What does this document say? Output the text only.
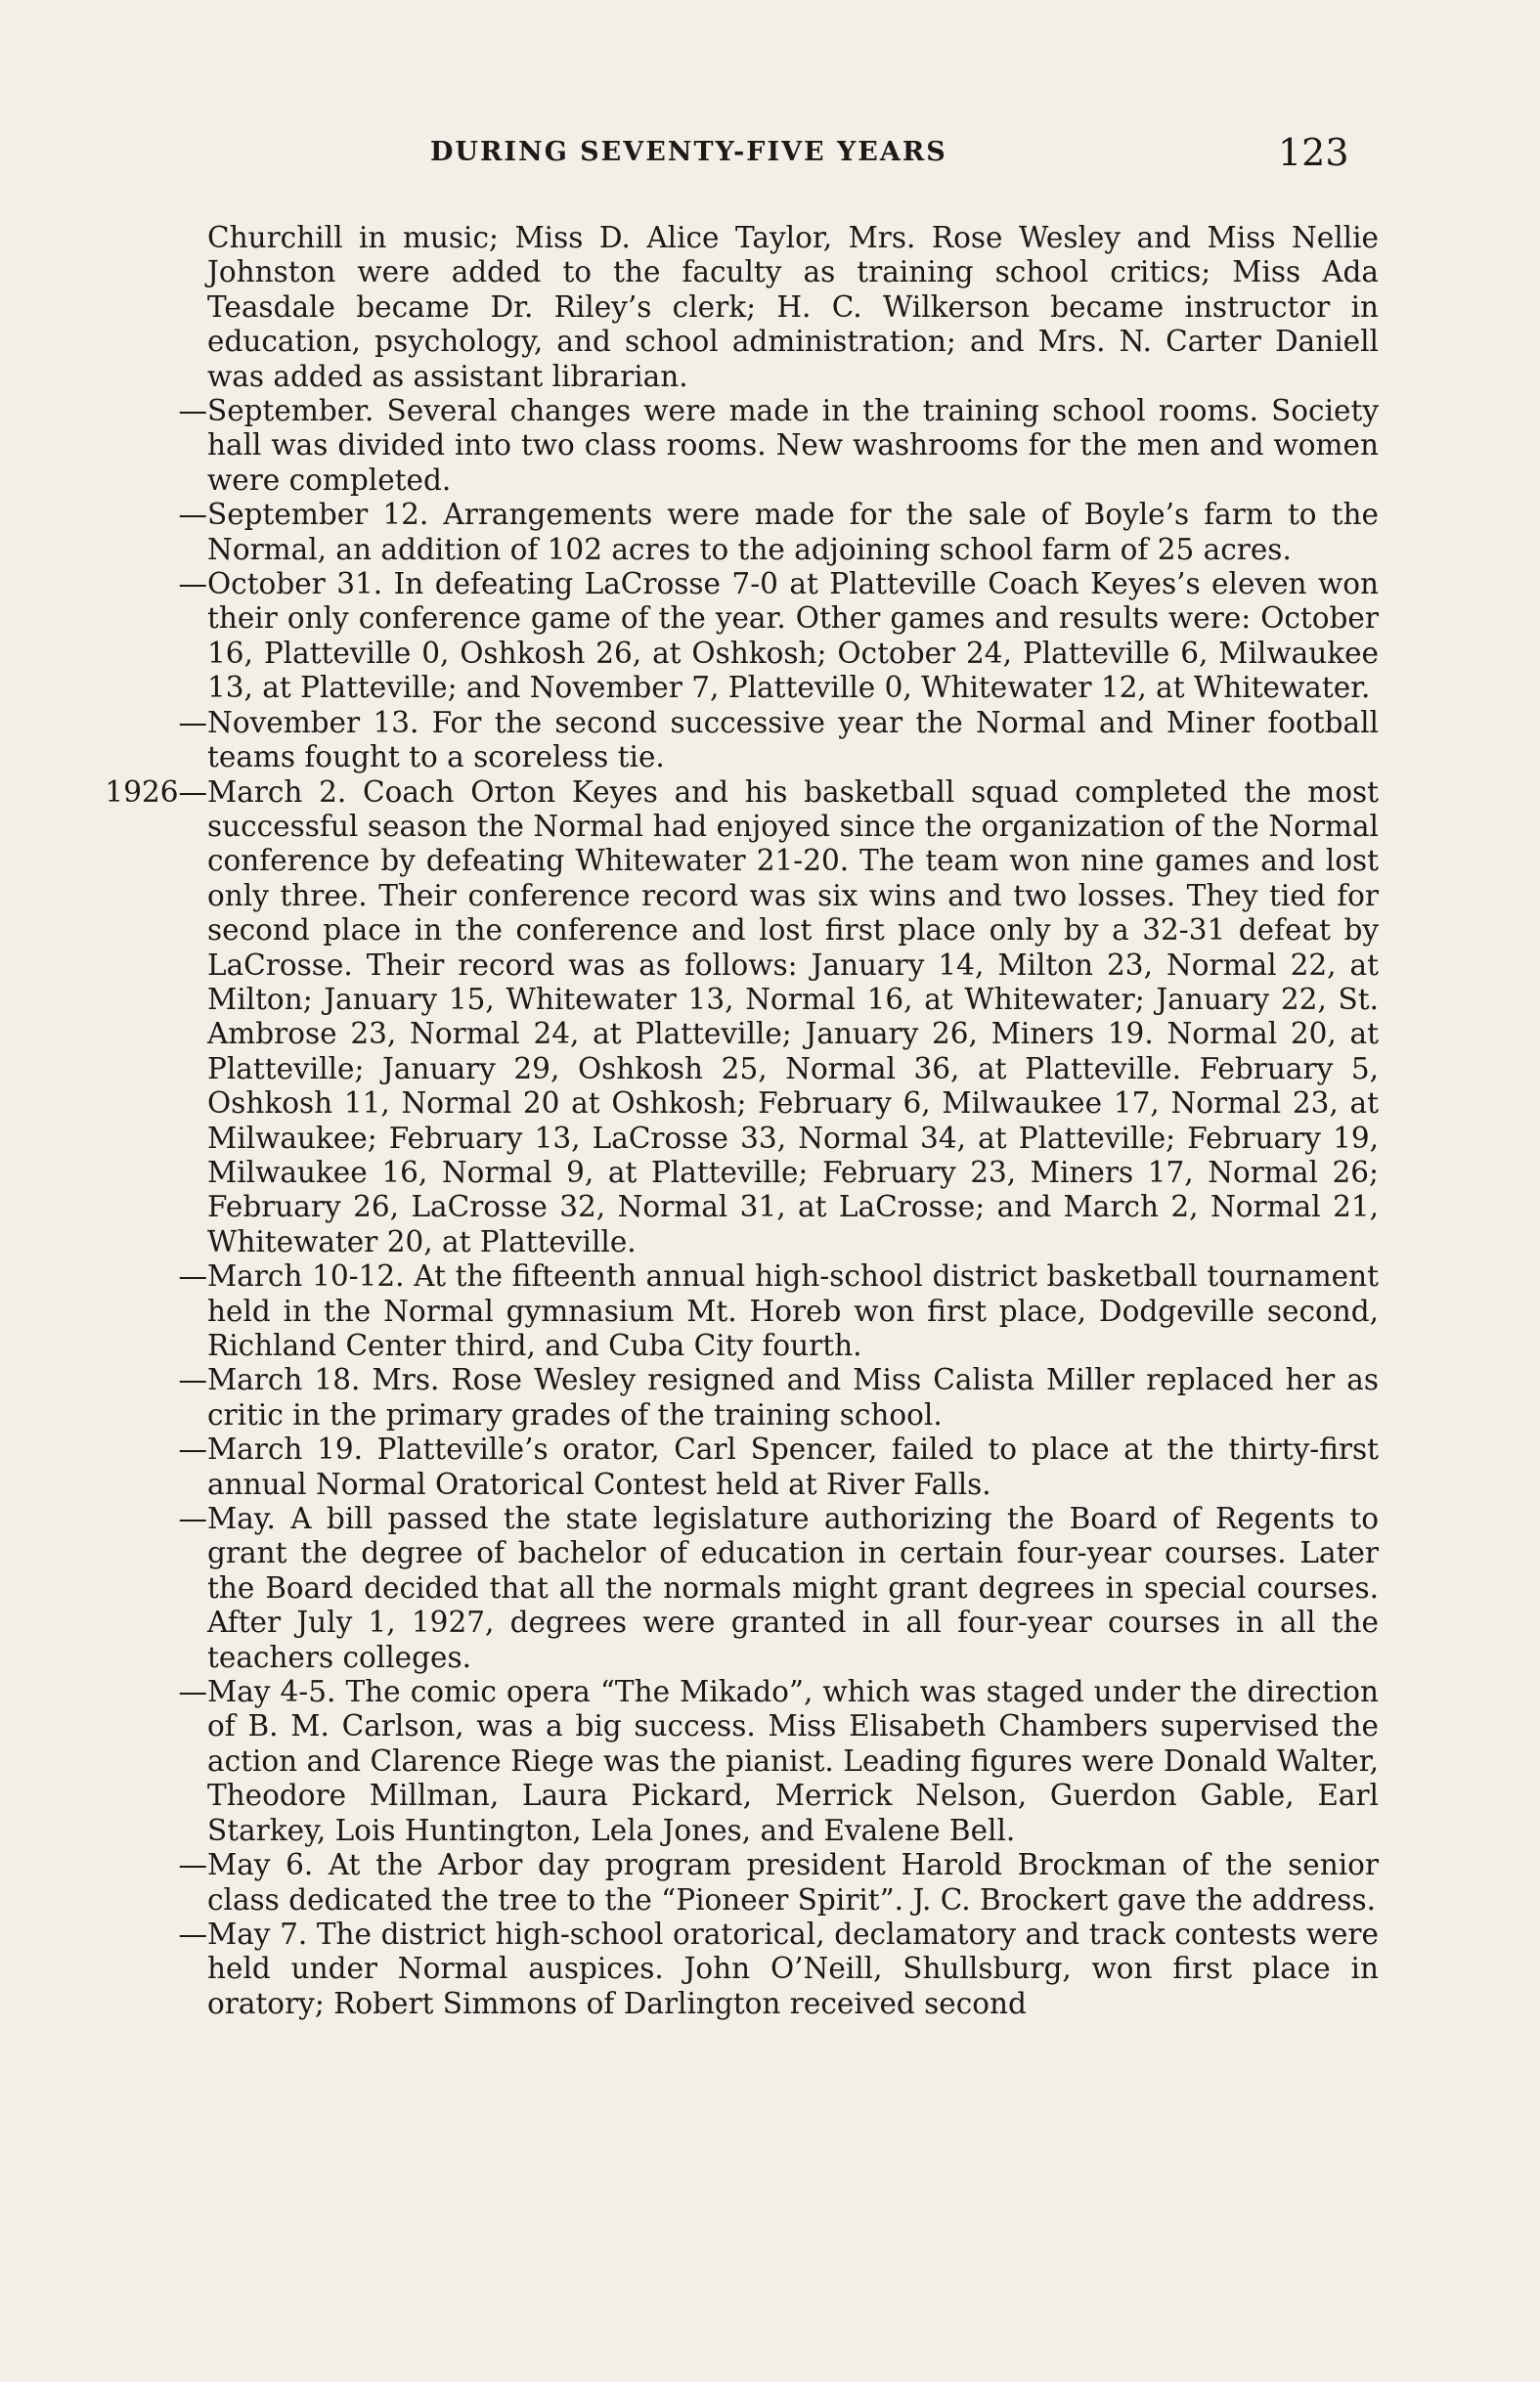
DURING SEVENTY-FIVE YEARS	123
Churchill in music; Miss D. Alice Taylor, Mrs. Rose Wesley and Miss Nellie Johnston were added to the faculty as training school critics; Miss Ada Teasdale became Dr. Riley’s clerk; H. C. Wilkerson became instructor in education, psychology, and school administration; and Mrs. N. Carter Daniell was added as assistant librarian.
— September. Several changes were made in the training school rooms. Society hall was divided into two class rooms. New washrooms for the men and women were completed.
— September 12. Arrangements were made for the sale of Boyle’s farm to the Normal, an addition of 102 acres to the adjoining school farm of 25 acres.
— October 31. In defeating LaCrosse 7-0 at Platteville Coach Keyes’s eleven won their only conference game of the year. Other games and results were: October 16, Platteville 0, Oshkosh 26, at Oshkosh; October 24, Platteville 6, Milwaukee 13, at Platteville; and November 7, Platteville 0, Whitewater 12, at Whitewater.
— November 13. For the second successive year the Normal and Miner football teams fought to a scoreless tie.
1926— March 2. Coach Orton Keyes and his basketball squad completed the most successful season the Normal had enjoyed since the organization of the Normal conference by defeating Whitewater 21-20. The team won nine games and lost only three. Their conference record was six wins and two losses. They tied for second place in the conference and lost first place only by a 32-31 defeat by LaCrosse. Their record was as follows: January 14, Milton 23, Normal 22, at Milton; January 15, Whitewater 13, Normal 16, at Whitewater; January 22, St. Ambrose 23, Normal 24, at Platteville; January 26, Miners 19. Normal 20, at Platteville; January 29, Oshkosh 25, Normal 36, at Platteville. February 5, Oshkosh 11, Normal 20 at Oshkosh; February 6, Milwaukee 17, Normal 23, at Milwaukee; February 13, LaCrosse 33, Normal 34, at Platteville; February 19, Milwaukee 16, Normal 9, at Platteville; February 23, Miners 17, Normal 26; February 26, LaCrosse 32, Normal 31, at LaCrosse; and March 2, Normal 21, Whitewater 20, at Platteville.
— March 10-12. At the fifteenth annual high-school district basketball tournament held in the Normal gymnasium Mt. Horeb won first place, Dodgeville second, Richland Center third, and Cuba City fourth.
— March 18. Mrs. Rose Wesley resigned and Miss Calista Miller replaced her as critic in the primary grades of the training school.
— March 19. Platteville’s orator, Carl Spencer, failed to place at the thirty-first annual Normal Oratorical Contest held at River Falls.
— May. A bill passed the state legislature authorizing the Board of Regents to grant the degree of bachelor of education in certain four-year courses. Later the Board decided that all the normals might grant degrees in special courses. After July 1, 1927, degrees were granted in all four-year courses in all the teachers colleges.
— May 4-5. The comic opera “The Mikado”, which was staged under the direction of B. M. Carlson, was a big success. Miss Elisabeth Chambers supervised the action and Clarence Riege was the pianist. Leading figures were Donald Walter, Theodore Millman, Laura Pickard, Merrick Nelson, Guerdon Gable, Earl Starkey, Lois Huntington, Lela Jones, and Evalene Bell.
— May 6. At the Arbor day program president Harold Brockman of the senior class dedicated the tree to the “Pioneer Spirit”. J. C. Brockert gave the address.
— May 7. The district high-school oratorical, declamatory and track contests were held under Normal auspices. John O’Neill, Shullsburg, won first place in oratory; Robert Simmons of Darlington received second
